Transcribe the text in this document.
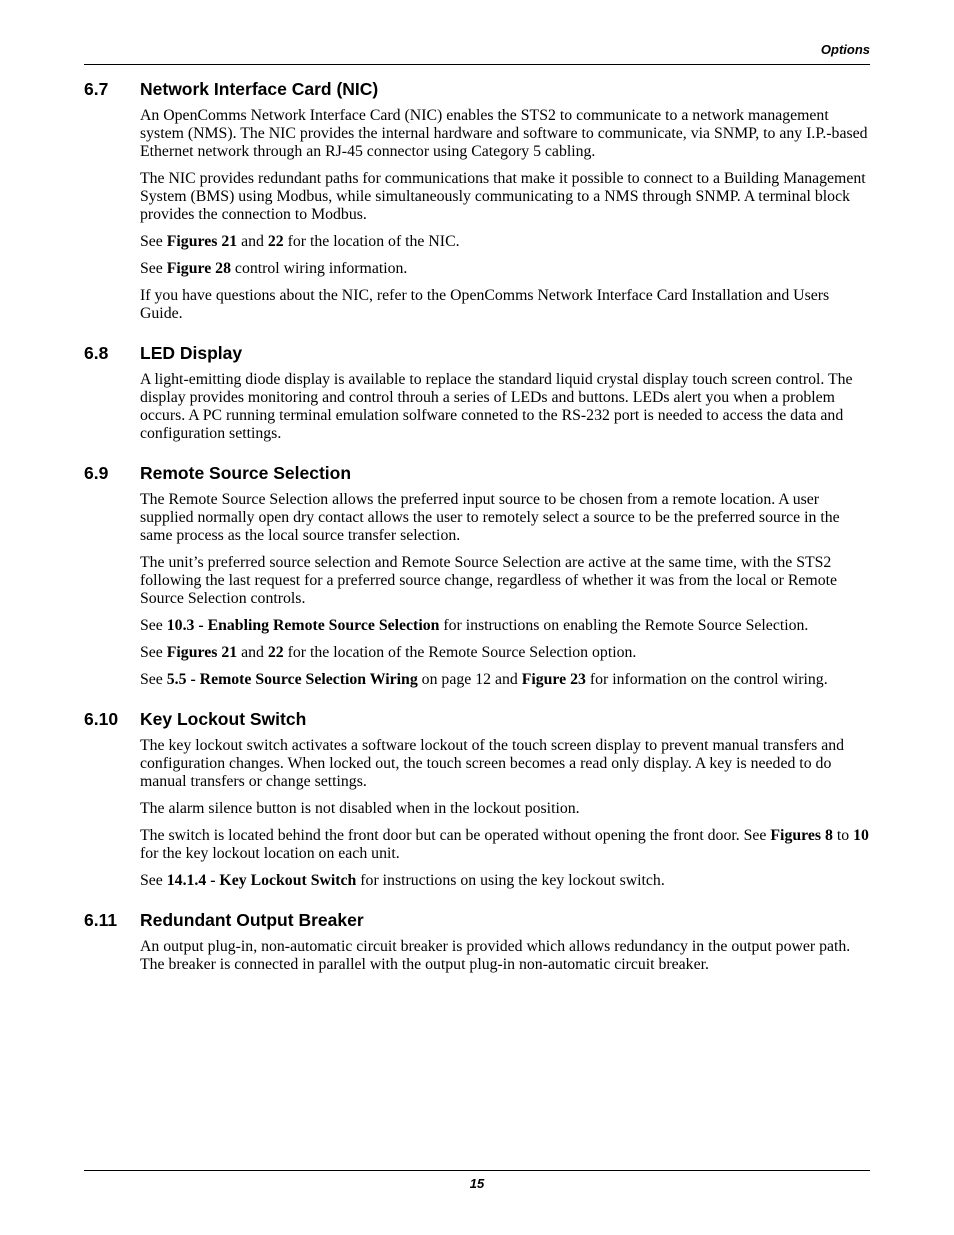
Options
6.7	Network Interface Card (NIC)

An OpenComms Network Interface Card (NIC) enables the STS2 to communicate to a network management system (NMS). The NIC provides the internal hardware and software to communicate, via SNMP, to any I.P.-based Ethernet network through an RJ-45 connector using Category 5 cabling.

The NIC provides redundant paths for communications that make it possible to connect to a Building Management System (BMS) using Modbus, while simultaneously communicating to a NMS through SNMP. A terminal block provides the connection to Modbus.

See Figures 21 and 22 for the location of the NIC.

See Figure 28 control wiring information.

If you have questions about the NIC, refer to the OpenComms Network Interface Card Installation and Users Guide.

6.8	LED Display

A light-emitting diode display is available to replace the standard liquid crystal display touch screen control. The display provides monitoring and control throuh a series of LEDs and buttons. LEDs alert you when a problem occurs. A PC running terminal emulation solfware conneted to the RS-232 port is needed to access the data and configuration settings.

6.9	Remote Source Selection

The Remote Source Selection allows the preferred input source to be chosen from a remote location. A user supplied normally open dry contact allows the user to remotely select a source to be the preferred source in the same process as the local source transfer selection.

The unit’s preferred source selection and Remote Source Selection are active at the same time, with the STS2 following the last request for a preferred source change, regardless of whether it was from the local or Remote Source Selection controls.

See 10.3 - Enabling Remote Source Selection for instructions on enabling the Remote Source Selection.

See Figures 21 and 22 for the location of the Remote Source Selection option.

See 5.5 - Remote Source Selection Wiring on page 12 and Figure 23 for information on the control wiring.

6.10	Key Lockout Switch

The key lockout switch activates a software lockout of the touch screen display to prevent manual transfers and configuration changes. When locked out, the touch screen becomes a read only display. A key is needed to do manual transfers or change settings.

The alarm silence button is not disabled when in the lockout position.

The switch is located behind the front door but can be operated without opening the front door. See Figures 8 to 10 for the key lockout location on each unit.

See 14.1.4 - Key Lockout Switch for instructions on using the key lockout switch.

6.11	Redundant Output Breaker

An output plug-in, non-automatic circuit breaker is provided which allows redundancy in the output power path. The breaker is connected in parallel with the output plug-in non-automatic circuit breaker.

15
